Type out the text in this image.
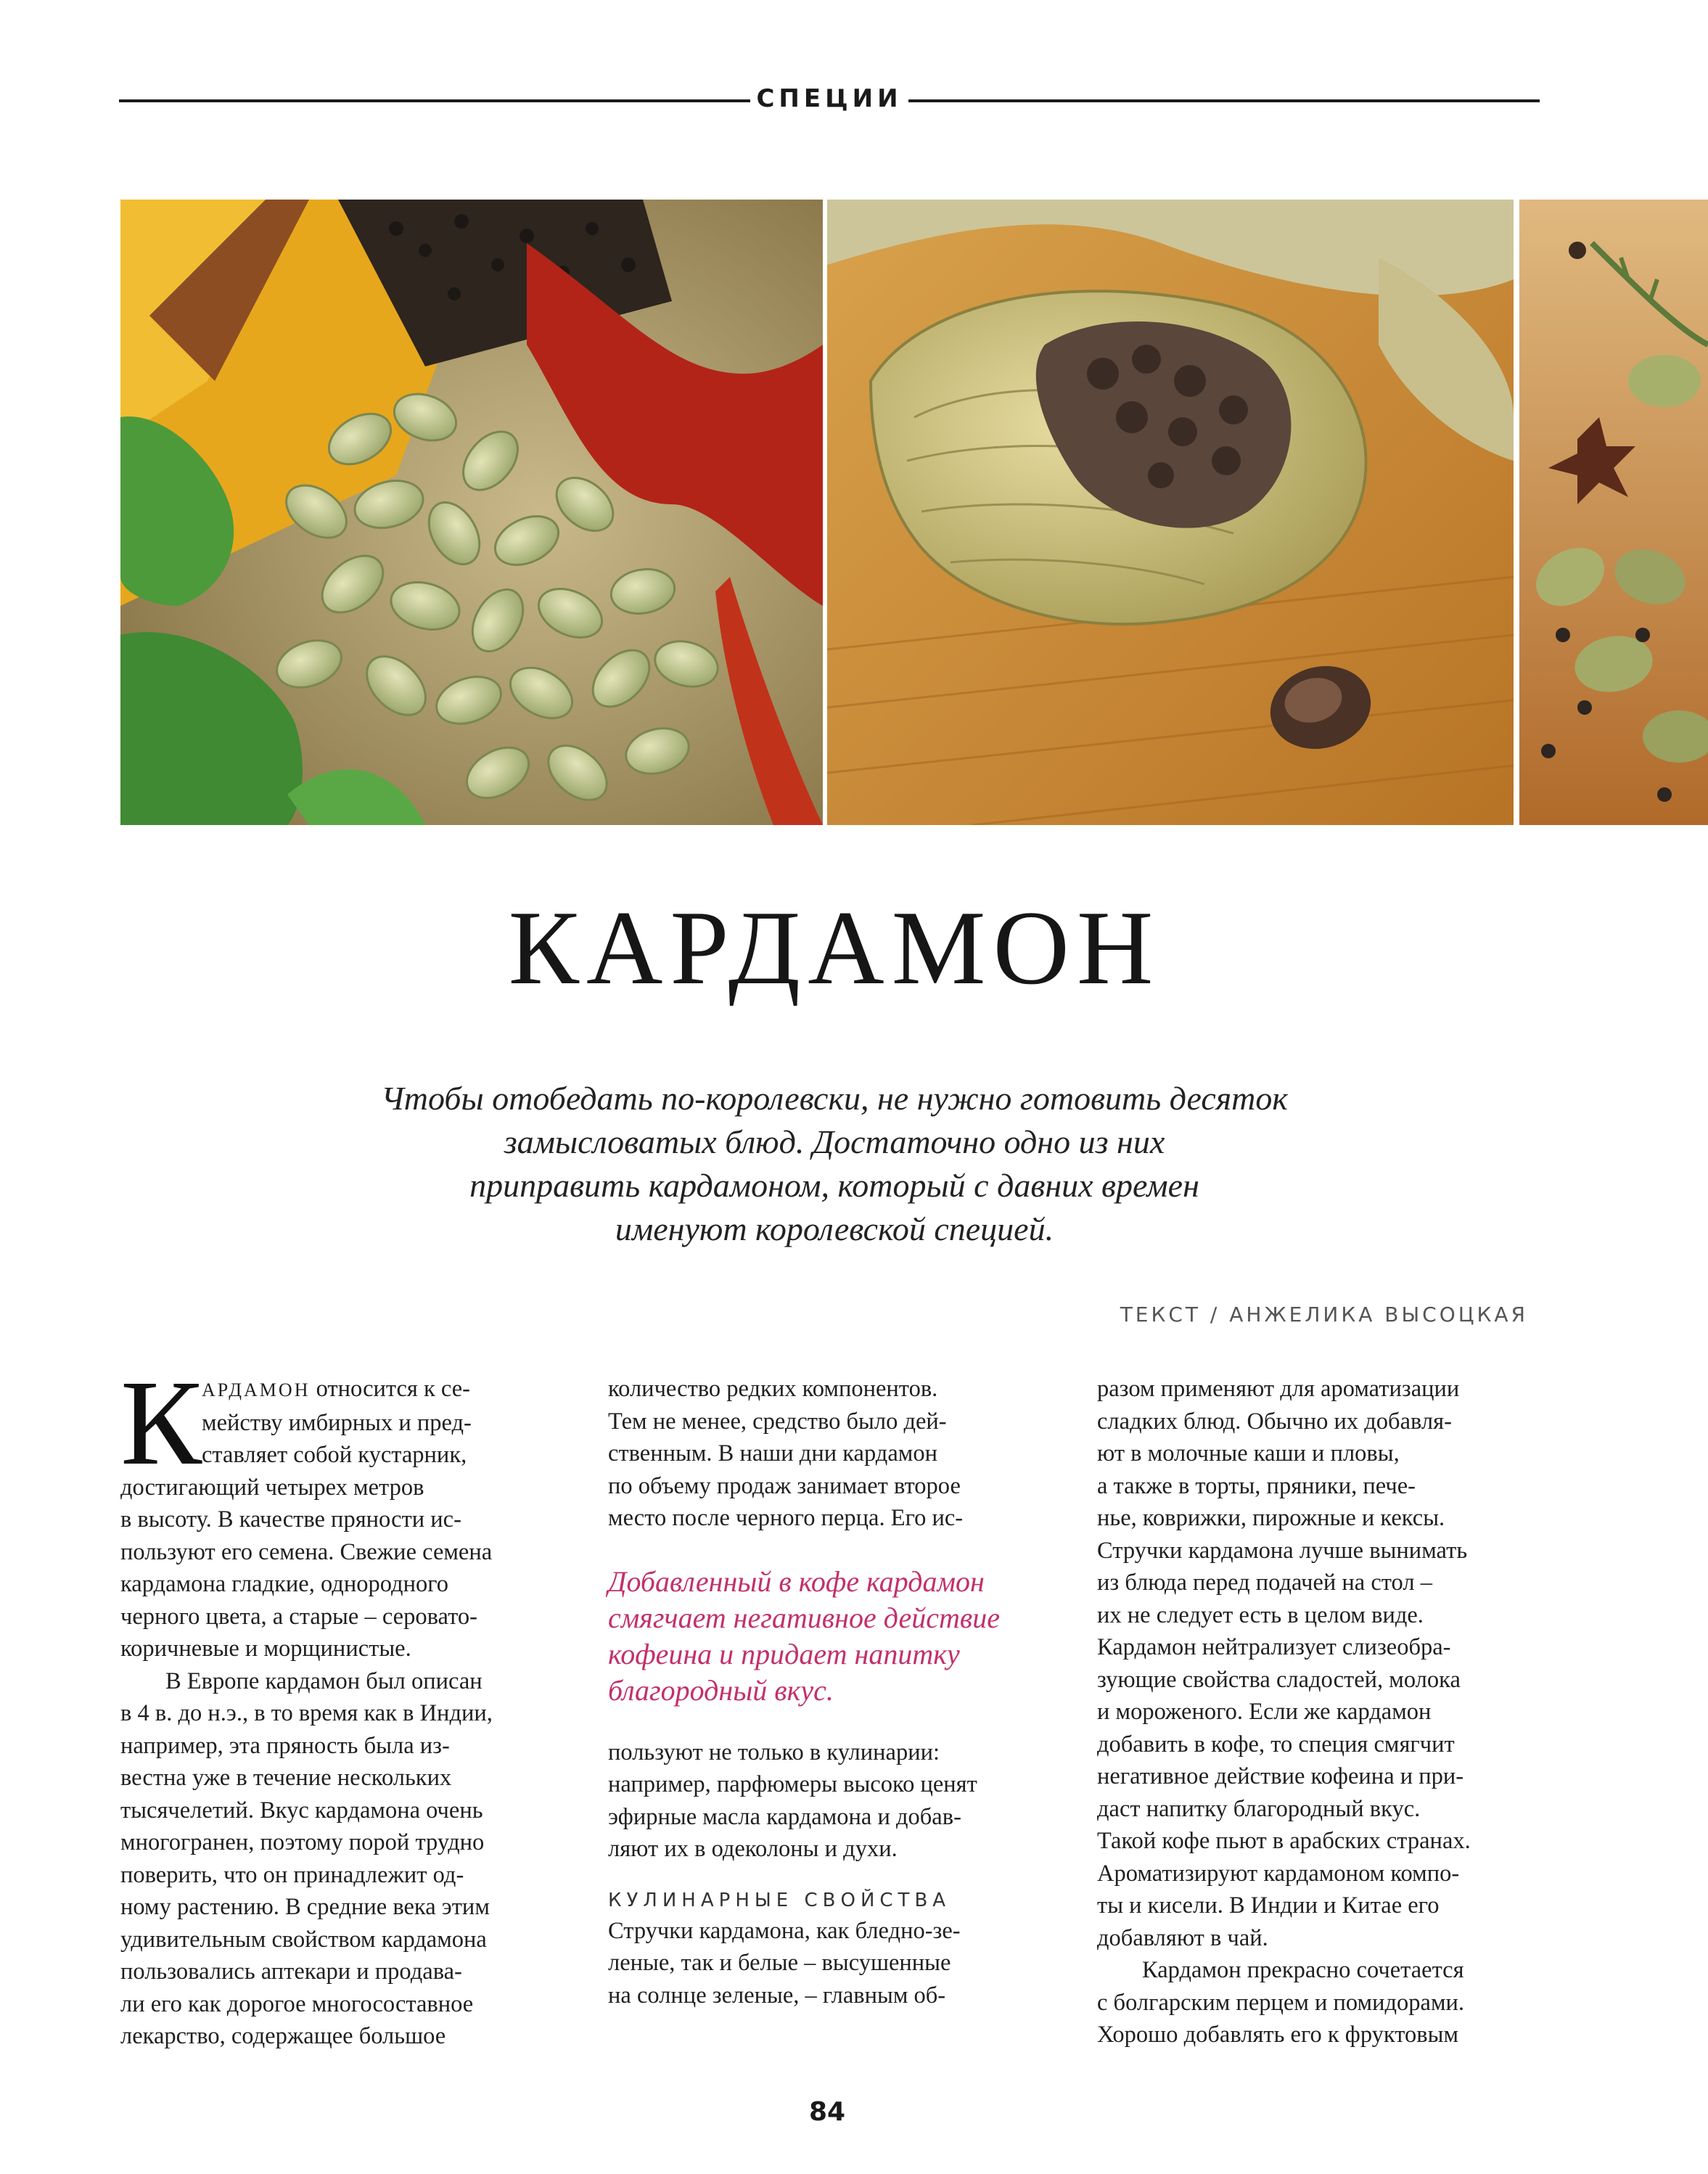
СПЕЦИИ
КАРДАМОН
Чтобы отобедать по-королевски, не нужно готовить десяток
замысловатых блюд. Достаточно одно из них
приправить кардамоном, который с давних времен
именуют королевской специей.
ТЕКСТ / АНЖЕЛИКА ВЫСОЦКАЯ
К АРДАМОН относится к се-
мейству имбирных и пред-
ставляет собой кустарник,
достигающий четырех метров
в высоту. В качестве пряности ис-
пользуют его семена. Свежие семена
кардамона гладкие, однородного
черного цвета, а старые – серовато-
коричневые и морщинистые.
В Европе кардамон был описан
в 4 в. до н.э., в то время как в Индии,
например, эта пряность была из-
вестна уже в течение нескольких
тысячелетий. Вкус кардамона очень
многогранен, поэтому порой трудно
поверить, что он принадлежит од-
ному растению. В средние века этим
удивительным свойством кардамона
пользовались аптекари и продава-
ли его как дорогое многосоставное
лекарство, содержащее большое
количество редких компонентов.
Тем не менее, средство было дей-
ственным. В наши дни кардамон
по объему продаж занимает второе
место после черного перца. Его ис-
Добавленный в кофе кардамон
смягчает негативное действие
кофеина и придает напитку
благородный вкус.
пользуют не только в кулинарии:
например, парфюмеры высоко ценят
эфирные масла кардамона и добав-
ляют их в одеколоны и духи.
КУЛИНАРНЫЕ СВОЙСТВА
Стручки кардамона, как бледно-зе-
леные, так и белые – высушенные
на солнце зеленые, – главным об-
разом применяют для ароматизации
сладких блюд. Обычно их добавля-
ют в молочные каши и пловы,
а также в торты, пряники, пече-
нье, коврижки, пирожные и кексы.
Стручки кардамона лучше вынимать
из блюда перед подачей на стол –
их не следует есть в целом виде.
Кардамон нейтрализует слизеобра-
зующие свойства сладостей, молока
и мороженого. Если же кардамон
добавить в кофе, то специя смягчит
негативное действие кофеина и при-
даст напитку благородный вкус.
Такой кофе пьют в арабских странах.
Ароматизируют кардамоном компо-
ты и кисели. В Индии и Китае его
добавляют в чай.
Кардамон прекрасно сочетается
с болгарским перцем и помидорами.
Хорошо добавлять его к фруктовым
84
